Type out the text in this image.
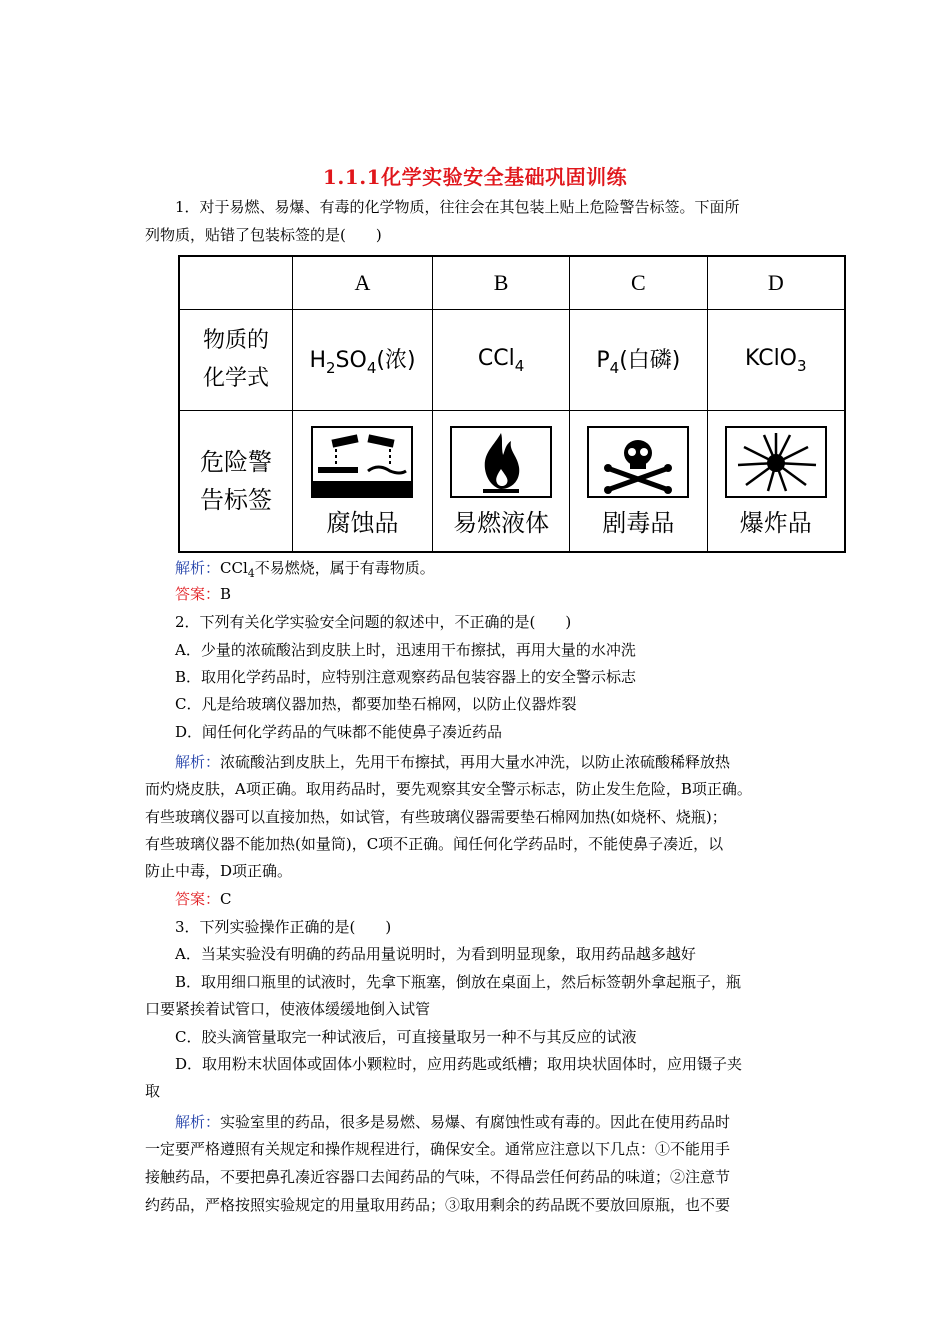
1.1.1化学实验安全基础巩固训练

1．对于易燃、易爆、有毒的化学物质，往往会在其包装上贴上危险警告标签。下面所

列物质，贴错了包装标签的是(　　)

	A	B	C	D
物质的
化学式	$H_2SO_4$(浓)	CCl$_4$	$P_4$(白磷)	KClO$_3$
危险警
告标签	腐蚀品	易燃液体	剧毒品	爆炸品

解析：CCl$_4$不易燃烧，属于有毒物质。

答案：B

2．下列有关化学实验安全问题的叙述中，不正确的是(　　)

A．少量的浓硫酸沾到皮肤上时，迅速用干布擦拭，再用大量的水冲洗

B．取用化学药品时，应特别注意观察药品包装容器上的安全警示标志

C．凡是给玻璃仪器加热，都要加垫石棉网，以防止仪器炸裂

D．闻任何化学药品的气味都不能使鼻子凑近药品

解析：浓硫酸沾到皮肤上，先用干布擦拭，再用大量水冲洗，以防止浓硫酸稀释放热

而灼烧皮肤，A项正确。取用药品时，要先观察其安全警示标志，防止发生危险，B项正确。

有些玻璃仪器可以直接加热，如试管，有些玻璃仪器需要垫石棉网加热(如烧杯、烧瓶)；

有些玻璃仪器不能加热(如量筒)，C项不正确。闻任何化学药品时，不能使鼻子凑近，以

防止中毒，D项正确。

答案：C

3．下列实验操作正确的是(　　)

A．当某实验没有明确的药品用量说明时，为看到明显现象，取用药品越多越好

B．取用细口瓶里的试液时，先拿下瓶塞，倒放在桌面上，然后标签朝外拿起瓶子，瓶

口要紧挨着试管口，使液体缓缓地倒入试管

C．胶头滴管量取完一种试液后，可直接量取另一种不与其反应的试液

D．取用粉末状固体或固体小颗粒时，应用药匙或纸槽；取用块状固体时，应用镊子夹

取

解析：实验室里的药品，很多是易燃、易爆、有腐蚀性或有毒的。因此在使用药品时

一定要严格遵照有关规定和操作规程进行，确保安全。通常应注意以下几点：①不能用手

接触药品，不要把鼻孔凑近容器口去闻药品的气味，不得品尝任何药品的味道；②注意节

约药品，严格按照实验规定的用量取用药品；③取用剩余的药品既不要放回原瓶，也不要
